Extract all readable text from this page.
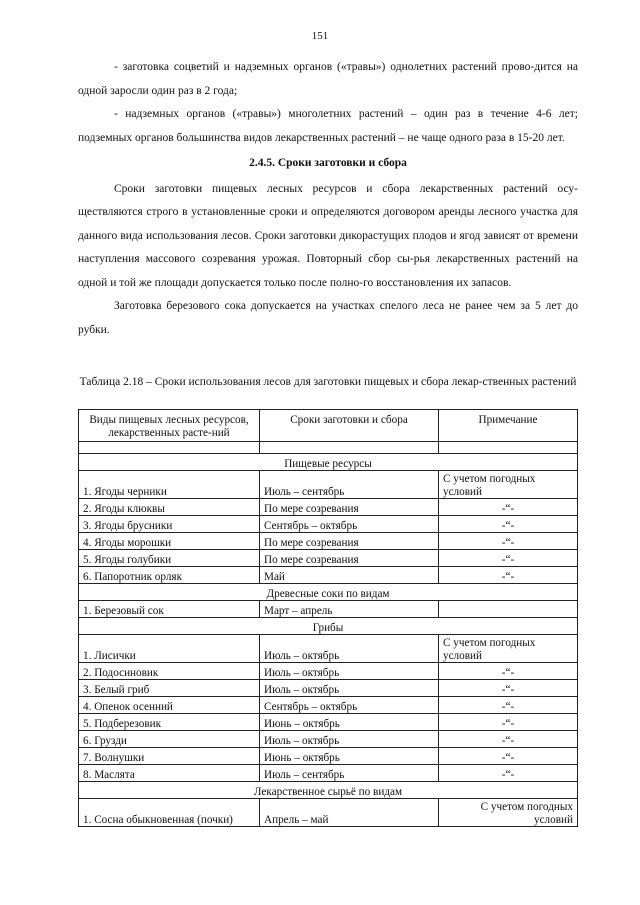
151

- заготовка соцветий и надземных органов («травы») однолетних растений прово-дится на одной заросли один раз в 2 года;

- надземных органов («травы») многолетних растений – один раз в течение 4-6 лет; подземных органов большинства видов лекарственных растений – не чаще одного раза в 15-20 лет.

2.4.5. Сроки заготовки и сбора

Сроки заготовки пищевых лесных ресурсов и сбора лекарственных растений осу-ществляются строго в установленные сроки и определяются договором аренды лесного участка для данного вида использования лесов. Сроки заготовки дикорастущих плодов и ягод зависят от времени наступления массового созревания урожая. Повторный сбор сы-рья лекарственных растений на одной и той же площади допускается только после полно-го восстановления их запасов.

Заготовка березового сока допускается на участках спелого леса не ранее чем за 5 лет до рубки.

Таблица 2.18 – Сроки использования лесов для заготовки пищевых и сбора лекар-ственных растений
Виды пищевых лесных ресурсов, лекарственных расте-ний	Сроки заготовки и сбора	Примечание

Пищевые ресурсы		
1. Ягоды черники	Июль – сентябрь	С учетом погодных условий
2. Ягоды клюквы	По мере созревания	-“-
3. Ягоды брусники	Сентябрь – октябрь	-“-
4. Ягоды морошки	По мере созревания	-“-
5. Ягоды голубики	По мере созревания	-“-
6. Папоротник орляк	Май	-“-
Древесные соки по видам		
1. Березовый сок	Март – апрель	
Грибы		
1. Лисички	Июль – октябрь	С учетом погодных условий
2. Подосиновик	Июль – октябрь	-“-
3. Белый гриб	Июль – октябрь	-“-
4. Опенок осенний	Сентябрь – октябрь	-“-
5. Подберезовик	Июнь – октябрь	-“-
6. Грузди	Июль – октябрь	-“-
7. Волнушки	Июнь – октябрь	-“-
8. Маслята	Июль – сентябрь	-“-
Лекарственное сырьё по видам		
1. Сосна обыкновенная (почки)	Апрель – май	С учетом погодных условий
